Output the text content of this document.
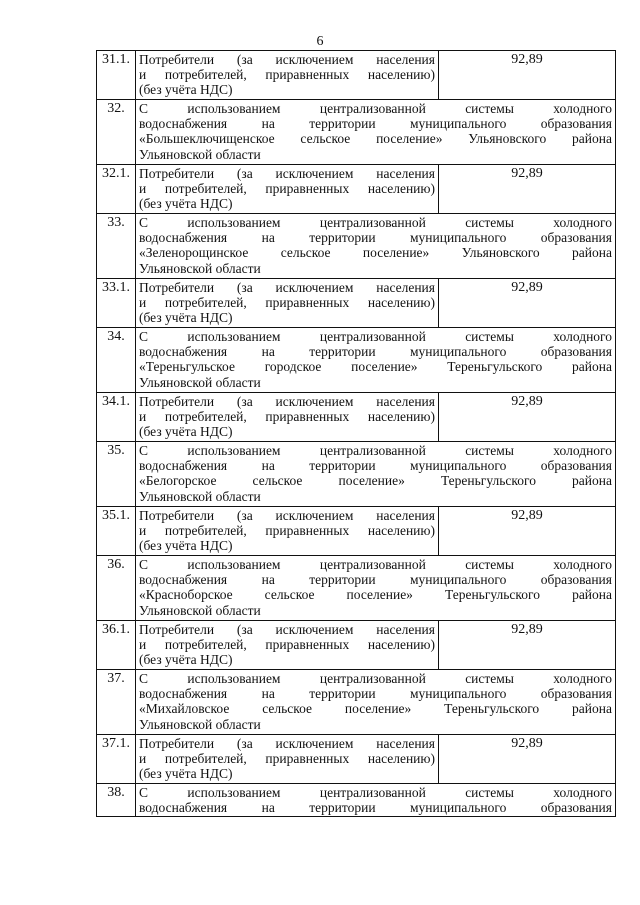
6
31.1.	Потребители (за исключением населения
и потребителей, приравненных населению)
(без учёта НДС)	92,89
32.	С использованием централизованной системы холодного
водоснабжения на территории муниципального образования
«Большеключищенское сельское поселение» Ульяновского района
Ульяновской области	

32.1.	Потребители (за исключением населения
и потребителей, приравненных населению)
(без учёта НДС)	92,89
33.	С использованием централизованной системы холодного
водоснабжения на территории муниципального образования
«Зеленорощинское сельское поселение» Ульяновского района
Ульяновской области	

33.1.	Потребители (за исключением населения
и потребителей, приравненных населению)
(без учёта НДС)	92,89
34.	С использованием централизованной системы холодного
водоснабжения на территории муниципального образования
«Тереньгульское городское поселение» Тереньгульского района
Ульяновской области	

34.1.	Потребители (за исключением населения
и потребителей, приравненных населению)
(без учёта НДС)	92,89
35.	С использованием централизованной системы холодного
водоснабжения на территории муниципального образования
«Белогорское сельское поселение» Тереньгульского района
Ульяновской области	

35.1.	Потребители (за исключением населения
и потребителей, приравненных населению)
(без учёта НДС)	92,89
36.	С использованием централизованной системы холодного
водоснабжения на территории муниципального образования
«Красноборское сельское поселение» Тереньгульского района
Ульяновской области	

36.1.	Потребители (за исключением населения
и потребителей, приравненных населению)
(без учёта НДС)	92,89
37.	С использованием централизованной системы холодного
водоснабжения на территории муниципального образования
«Михайловское сельское поселение» Тереньгульского района
Ульяновской области	

37.1.	Потребители (за исключением населения
и потребителей, приравненных населению)
(без учёта НДС)	92,89
38.	С использованием централизованной системы холодного
водоснабжения на территории муниципального образования	
